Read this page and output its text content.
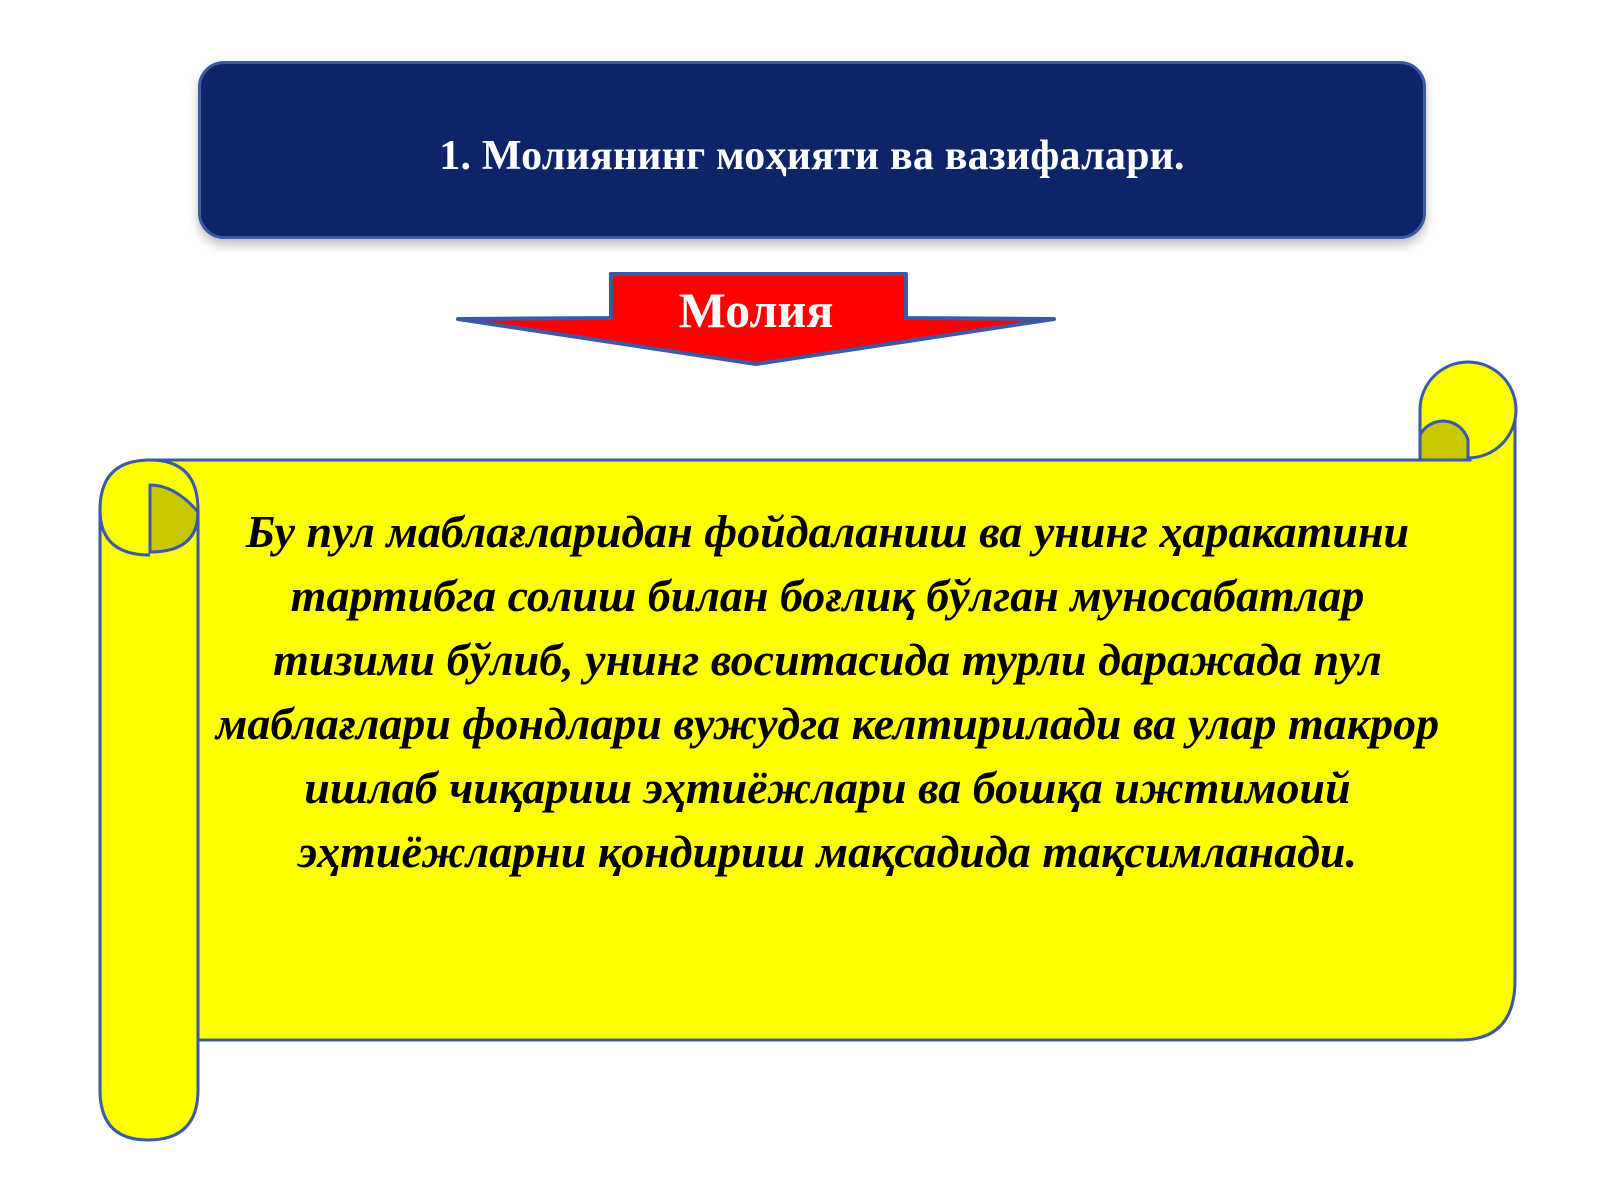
1. Молиянинг моҳияти ва вазифалари.
Молия
Бу пул маблағларидан фойдаланиш ва унинг ҳаракатини тартибга солиш билан боғлиқ бўлган муносабатлар тизими бўлиб, унинг воситасида турли даражада пул маблағлари фондлари вужудга келтирилади ва улар такрор ишлаб чиқариш эҳтиёжлари ва бошқа ижтимоий эҳтиёжларни қондириш мақсадида тақсимланади.
